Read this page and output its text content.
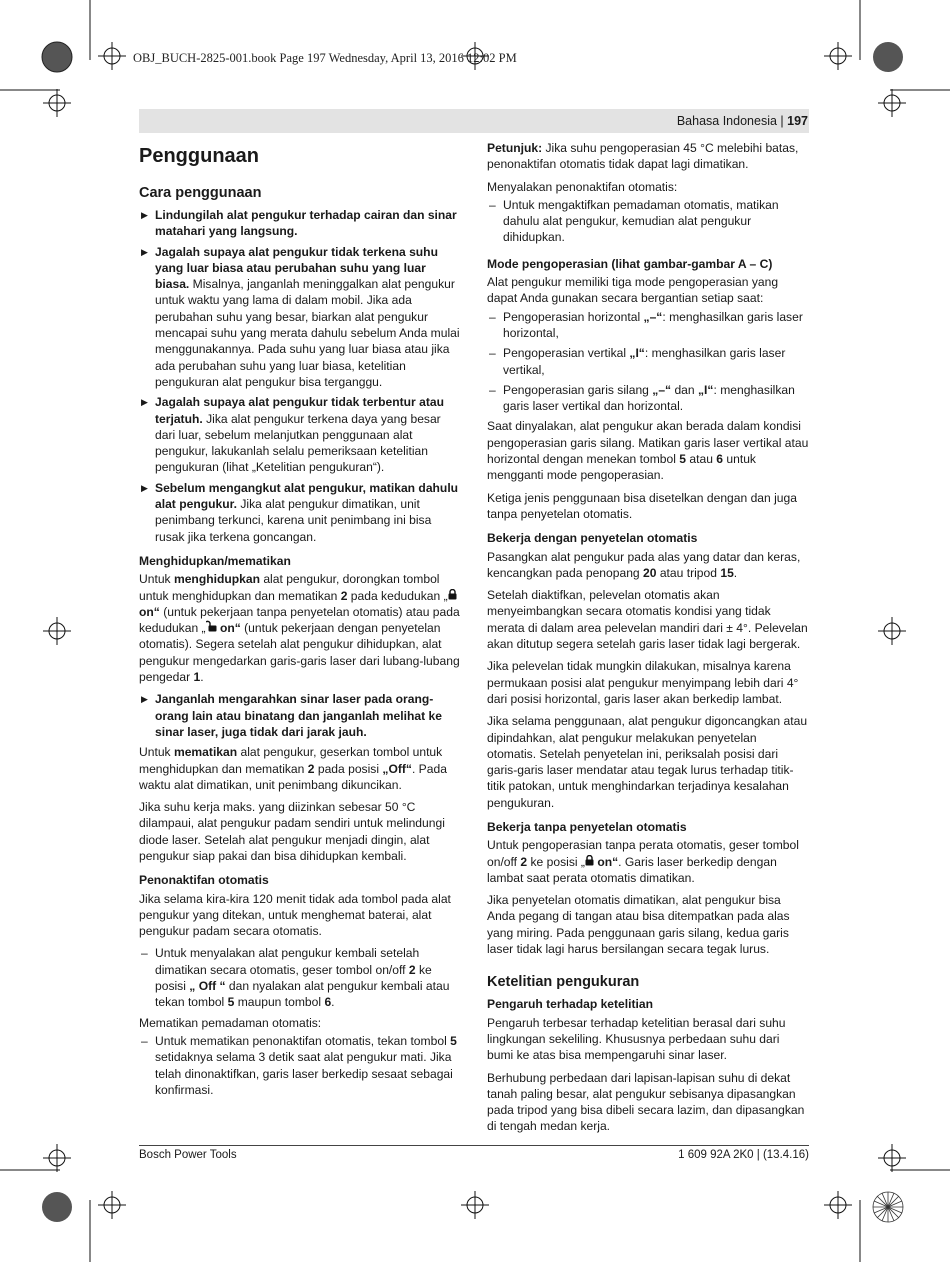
OBJ_BUCH-2825-001.book Page 197 Wednesday, April 13, 2016 12:02 PM
Bahasa Indonesia | 197
Penggunaan
Cara penggunaan
▶ Lindungilah alat pengukur terhadap cairan dan sinar matahari yang langsung.
▶ Jagalah supaya alat pengukur tidak terkena suhu yang luar biasa atau perubahan suhu yang luar biasa. Misalnya, janganlah meninggalkan alat pengukur untuk waktu yang lama di dalam mobil. Jika ada perubahan suhu yang besar, biarkan alat pengukur mencapai suhu yang merata dahulu sebelum Anda mulai menggunakannya. Pada suhu yang luar biasa atau jika ada perubahan suhu yang luar biasa, ketelitian pengukuran alat pengukur bisa terganggu.
▶ Jagalah supaya alat pengukur tidak terbentur atau terjatuh. Jika alat pengukur terkena daya yang besar dari luar, sebelum melanjutkan penggunaan alat pengukur, lakukanlah selalu pemeriksaan ketelitian pengukuran (lihat „Ketelitian pengukuran“).
▶ Sebelum mengangkut alat pengukur, matikan dahulu alat pengukur. Jika alat pengukur dimatikan, unit penimbang terkunci, karena unit penimbang ini bisa rusak jika terkena goncangan.
Menghidupkan/mematikan

Untuk menghidupkan alat pengukur, dorongkan tombol untuk menghidupkan dan mematikan 2 pada kedudukan „ on“ (untuk pekerjaan tanpa penyetelan otomatis) atau pada kedudukan „ on“ (untuk pekerjaan dengan penyetelan otomatis). Segera setelah alat pengukur dihidupkan, alat pengukur mengedarkan garis-garis laser dari lubang-lubang pengedar 1.

▶ Janganlah mengarahkan sinar laser pada orang-orang lain atau binatang dan janganlah melihat ke sinar laser, juga tidak dari jarak jauh.

Untuk mematikan alat pengukur, geserkan tombol untuk menghidupkan dan mematikan 2 pada posisi „Off“. Pada waktu alat dimatikan, unit penimbang dikuncikan.

Jika suhu kerja maks. yang diizinkan sebesar 50 °C dilampaui, alat pengukur padam sendiri untuk melindungi diode laser. Setelah alat pengukur menjadi dingin, alat pengukur siap pakai dan bisa dihidupkan kembali.

Penonaktifan otomatis

Jika selama kira-kira 120 menit tidak ada tombol pada alat pengukur yang ditekan, untuk menghemat baterai, alat pengukur padam secara otomatis.

– Untuk menyalakan alat pengukur kembali setelah dimatikan secara otomatis, geser tombol on/off 2 ke posisi „ Off “ dan nyalakan alat pengukur kembali atau tekan tombol 5 maupun tombol 6.

Mematikan pemadaman otomatis:

– Untuk mematikan penonaktifan otomatis, tekan tombol 5 setidaknya selama 3 detik saat alat pengukur mati. Jika telah dinonaktifkan, garis laser berkedip sesaat sebagai konfirmasi.

Petunjuk: Jika suhu pengoperasian 45 °C melebihi batas, penonaktifan otomatis tidak dapat lagi dimatikan.

Menyalakan penonaktifan otomatis:

– Untuk mengaktifkan pemadaman otomatis, matikan dahulu alat pengukur, kemudian alat pengukur dihidupkan.
Mode pengoperasian (lihat gambar-gambar A – C)

Alat pengukur memiliki tiga mode pengoperasian yang dapat Anda gunakan secara bergantian setiap saat:

– Pengoperasian horizontal „–“: menghasilkan garis laser horizontal,
– Pengoperasian vertikal „I“: menghasilkan garis laser vertikal,
– Pengoperasian garis silang „–“ dan „I“: menghasilkan garis laser vertikal dan horizontal.

Saat dinyalakan, alat pengukur akan berada dalam kondisi pengoperasian garis silang. Matikan garis laser vertikal atau horizontal dengan menekan tombol 5 atau 6 untuk mengganti mode pengoperasian.

Ketiga jenis penggunaan bisa disetelkan dengan dan juga tanpa penyetelan otomatis.

Bekerja dengan penyetelan otomatis

Pasangkan alat pengukur pada alas yang datar dan keras, kencangkan pada penopang 20 atau tripod 15.

Setelah diaktifkan, pelevelan otomatis akan menyeimbangkan secara otomatis kondisi yang tidak merata di dalam area pelevelan mandiri dari ± 4°. Pelevelan akan ditutup segera setelah garis laser tidak lagi bergerak.

Jika pelevelan tidak mungkin dilakukan, misalnya karena permukaan posisi alat pengukur menyimpang lebih dari 4° dari posisi horizontal, garis laser akan berkedip lambat.

Jika selama penggunaan, alat pengukur digoncangkan atau dipindahkan, alat pengukur melakukan penyetelan otomatis. Setelah penyetelan ini, periksalah posisi dari garis-garis laser mendatar atau tegak lurus terhadap titik-titik patokan, untuk menghindarkan terjadinya kesalahan pengukuran.

Bekerja tanpa penyetelan otomatis

Untuk pengoperasian tanpa perata otomatis, geser tombol on/off 2 ke posisi „ on“. Garis laser berkedip dengan lambat saat perata otomatis dimatikan.

Jika penyetelan otomatis dimatikan, alat pengukur bisa Anda pegang di tangan atau bisa ditempatkan pada alas yang miring. Pada penggunaan garis silang, kedua garis laser tidak lagi harus bersilangan secara tegak lurus.

Ketelitian pengukuran
Pengaruh terhadap ketelitian

Pengaruh terbesar terhadap ketelitian berasal dari suhu lingkungan sekeliling. Khususnya perbedaan suhu dari bumi ke atas bisa mempengaruhi sinar laser.

Berhubung perbedaan dari lapisan-lapisan suhu di dekat tanah paling besar, alat pengukur sebisanya dipasangkan pada tripod yang bisa dibeli secara lazim, dan dipasangkan di tengah medan kerja.

Bosch Power Tools	1 609 92A 2K0 | (13.4.16)
